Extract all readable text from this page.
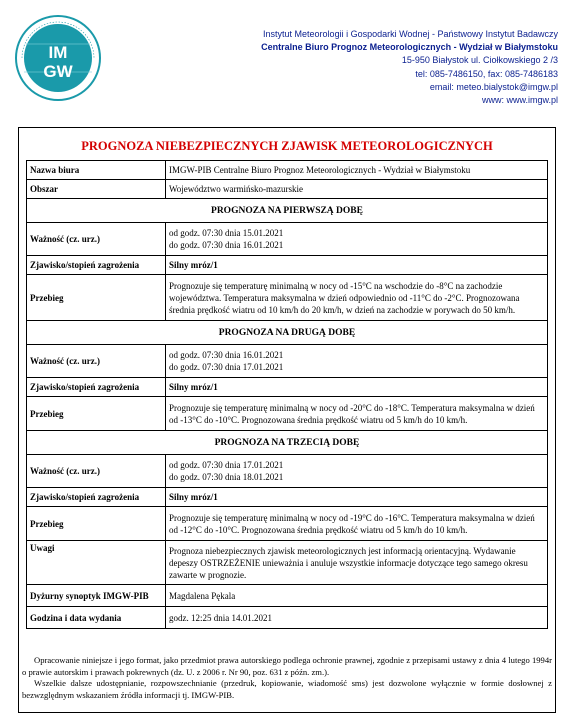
IM
GW
Instytut Meteorologii i Gospodarki Wodnej - Państwowy Instytut Badawczy
Centralne Biuro Prognoz Meteorologicznych - Wydział w Białymstoku
15-950 Białystok ul. Ciołkowskiego 2 /3
tel: 085-7486150, fax: 085-7486183
email: meteo.bialystok@imgw.pl
www: www.imgw.pl
PROGNOZA NIEBEZPIECZNYCH ZJAWISK METEOROLOGICZNYCH
Nazwa biura	IMGW-PIB Centralne Biuro Prognoz Meteorologicznych - Wydział w Białymstoku
Obszar	Województwo warmińsko-mazurskie
PROGNOZA NA PIERWSZĄ DOBĘ	
Ważność (cz. urz.)	od godz. 07:30 dnia 15.01.2021
do godz. 07:30 dnia 16.01.2021

Zjawisko/stopień zagrożenia	Silny mróz/1
Przebieg	Prognozuje się temperaturę minimalną w nocy od -15°C na wschodzie do -8°C na zachodzie województwa. Temperatura maksymalna w dzień odpowiednio od -11°C do -2°C. Prognozowana średnia prędkość wiatru od 10 km/h do 20 km/h, w dzień na zachodzie w porywach do 50 km/h.
PROGNOZA NA DRUGĄ DOBĘ	
Ważność (cz. urz.)	od godz. 07:30 dnia 16.01.2021
do godz. 07:30 dnia 17.01.2021

Zjawisko/stopień zagrożenia	Silny mróz/1
Przebieg	Prognozuje się temperaturę minimalną w nocy od -20°C do -18°C. Temperatura maksymalna w dzień od -13°C do -10°C. Prognozowana średnia prędkość wiatru od 5 km/h do 10 km/h.
PROGNOZA NA TRZECIĄ DOBĘ	
Ważność (cz. urz.)	od godz. 07:30 dnia 17.01.2021
do godz. 07:30 dnia 18.01.2021

Zjawisko/stopień zagrożenia	Silny mróz/1
Przebieg	Prognozuje się temperaturę minimalną w nocy od -19°C do -16°C. Temperatura maksymalna w dzień od -12°C do -10°C. Prognozowana średnia prędkość wiatru od 5 km/h do 10 km/h.
Uwagi	Prognoza niebezpiecznych zjawisk meteorologicznych jest informacją orientacyjną. Wydawanie depeszy OSTRZEŻENIE unieważnia i anuluje wszystkie informacje dotyczące tego samego okresu zawarte w prognozie.
Dyżurny synoptyk IMGW-PIB	Magdalena Pękala
Godzina i data wydania	godz. 12:25 dnia 14.01.2021

Opracowanie niniejsze i jego format, jako przedmiot prawa autorskiego podlega ochronie prawnej, zgodnie z przepisami ustawy z dnia 4 lutego 1994r o prawie autorskim i prawach pokrewnych (dz. U. z 2006 r. Nr 90, poz. 631 z późn. zm.).

Wszelkie dalsze udostępnianie, rozpowszechnianie (przedruk, kopiowanie, wiadomość sms) jest dozwolone wyłącznie w formie dosłownej z bezwzględnym wskazaniem źródła informacji tj. IMGW-PIB.
